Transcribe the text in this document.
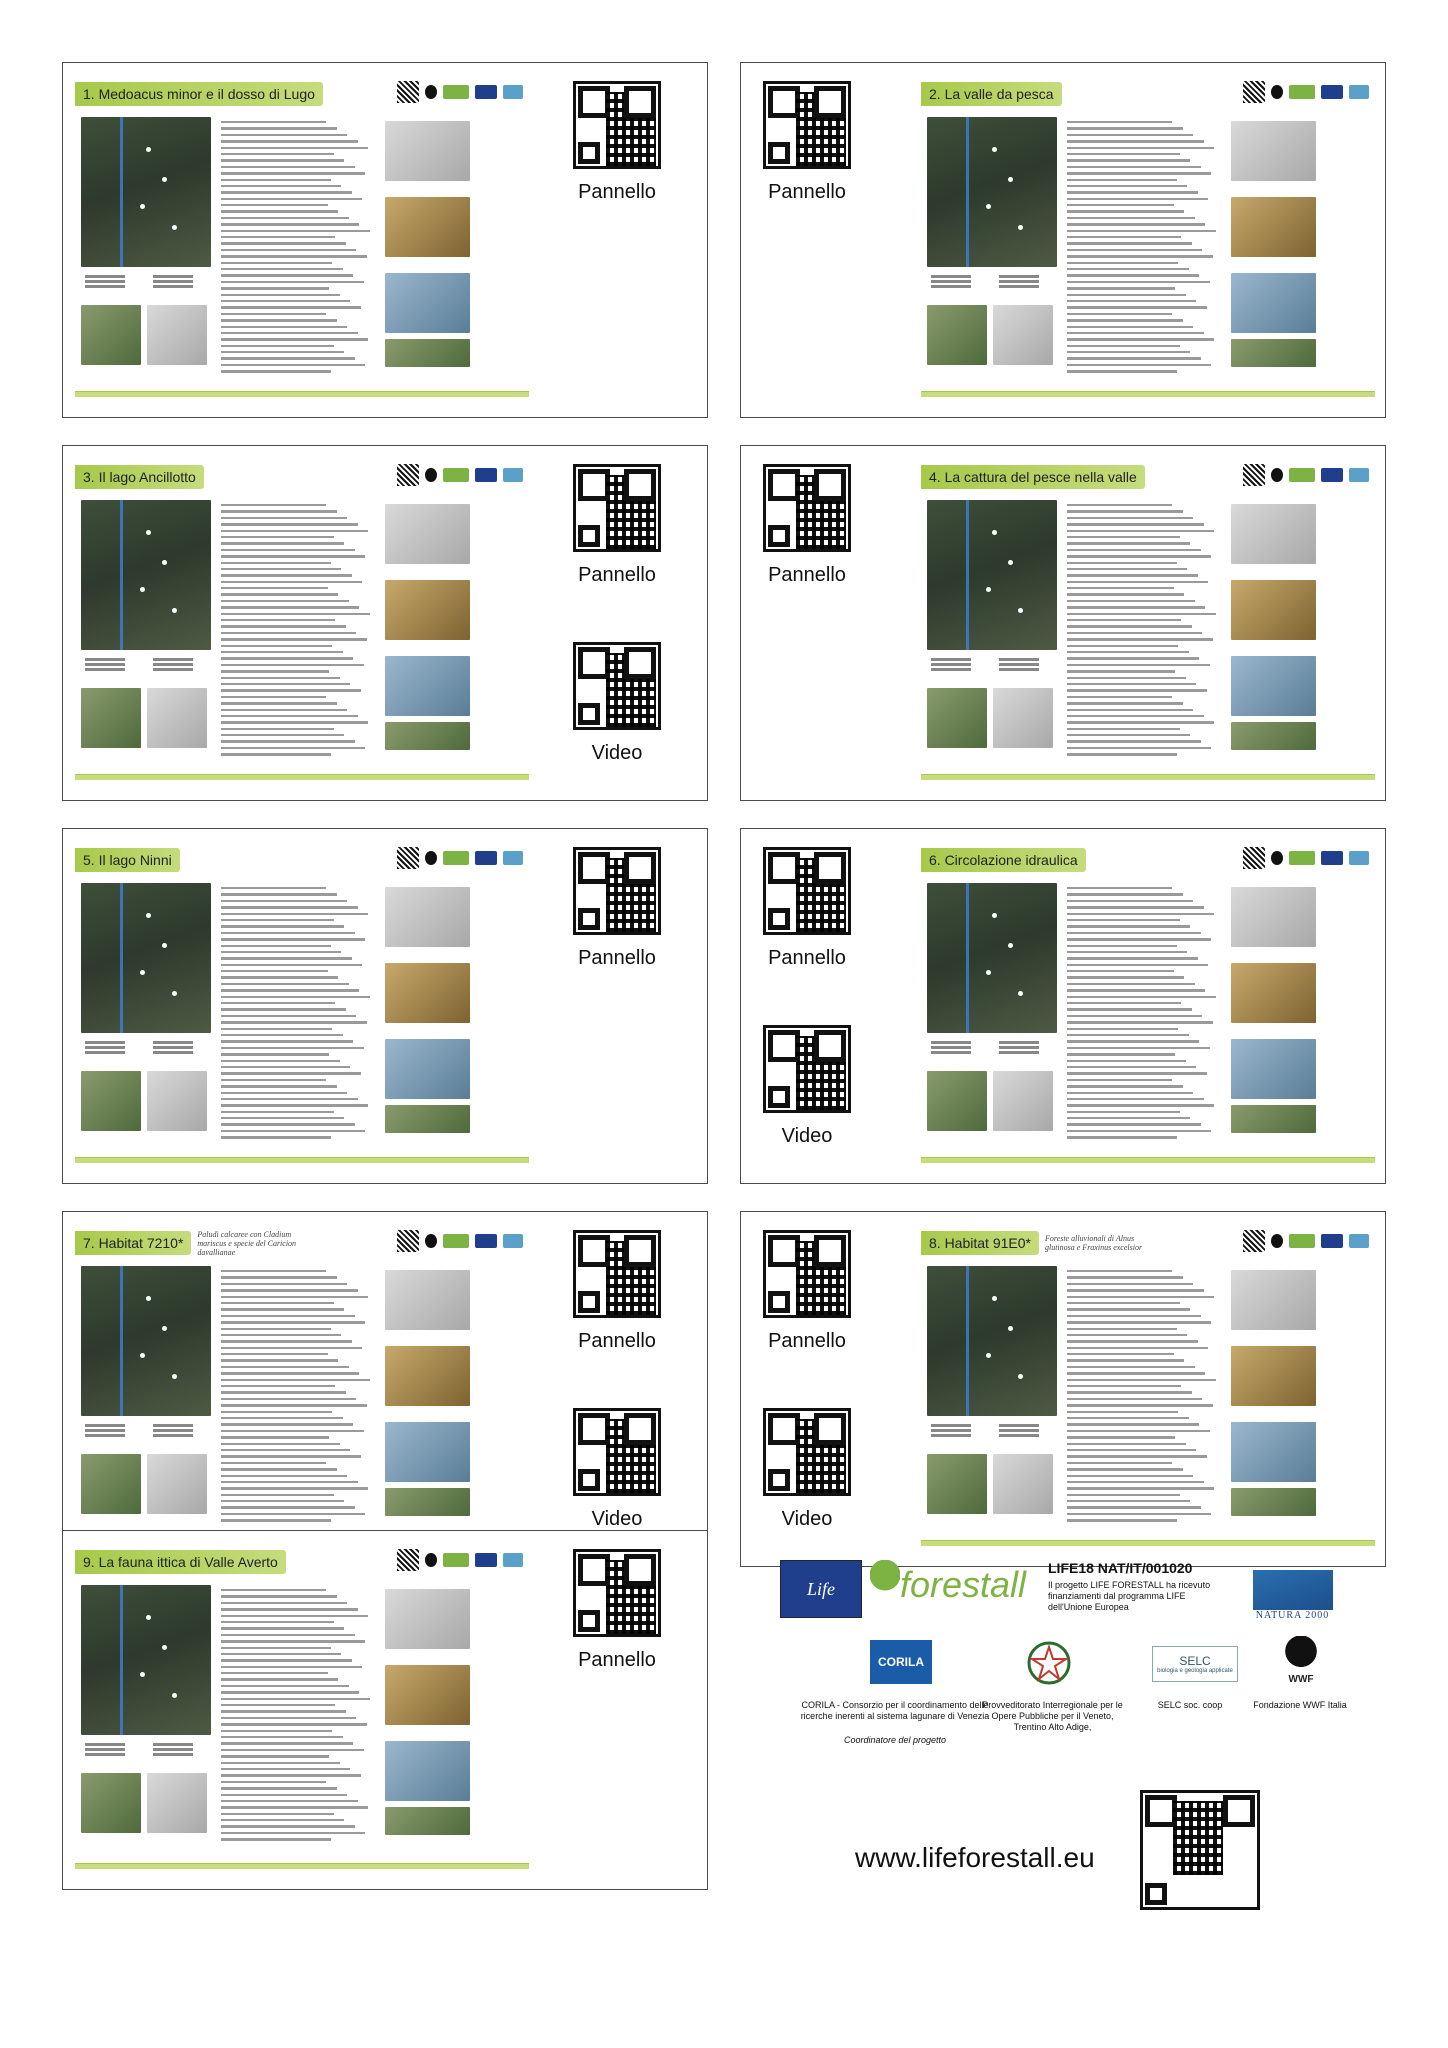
1. Medoacus minor e il dosso di Lugo
Pannello
2. La valle da pesca
Pannello
3. Il lago Ancillotto
Pannello
Video
4. La cattura del pesce nella valle
Pannello
5. Il lago Ninni
Pannello
6. Circolazione idraulica
Pannello
Video
7. Habitat 7210*
Paludi calcaree con Cladium mariscus e specie del Caricion davallianae
Pannello
Video
8. Habitat 91E0*	Foreste alluvionali di Alnus glutinosa e Fraxinus excelsior
Pannello
Video
9. La fauna ittica di Valle Averto
Pannello
Life forestall LIFE18 NAT/IT/001020
Il progetto LIFE FORESTALL ha ricevuto finanziamenti dal programma LIFE dell'Unione Europea
NATURA 2000
CORILA
CORILA - Consorzio per il coordinamento delle ricerche inerenti al sistema lagunare di Venezia
Coordinatore del progetto
Provveditorato Interregionale per le Opere Pubbliche per il Veneto, Trentino Alto Adige,
SELC
biologia e geologia applicate
SELC soc. coop
WWF
Fondazione WWF Italia
www.lifeforestall.eu
